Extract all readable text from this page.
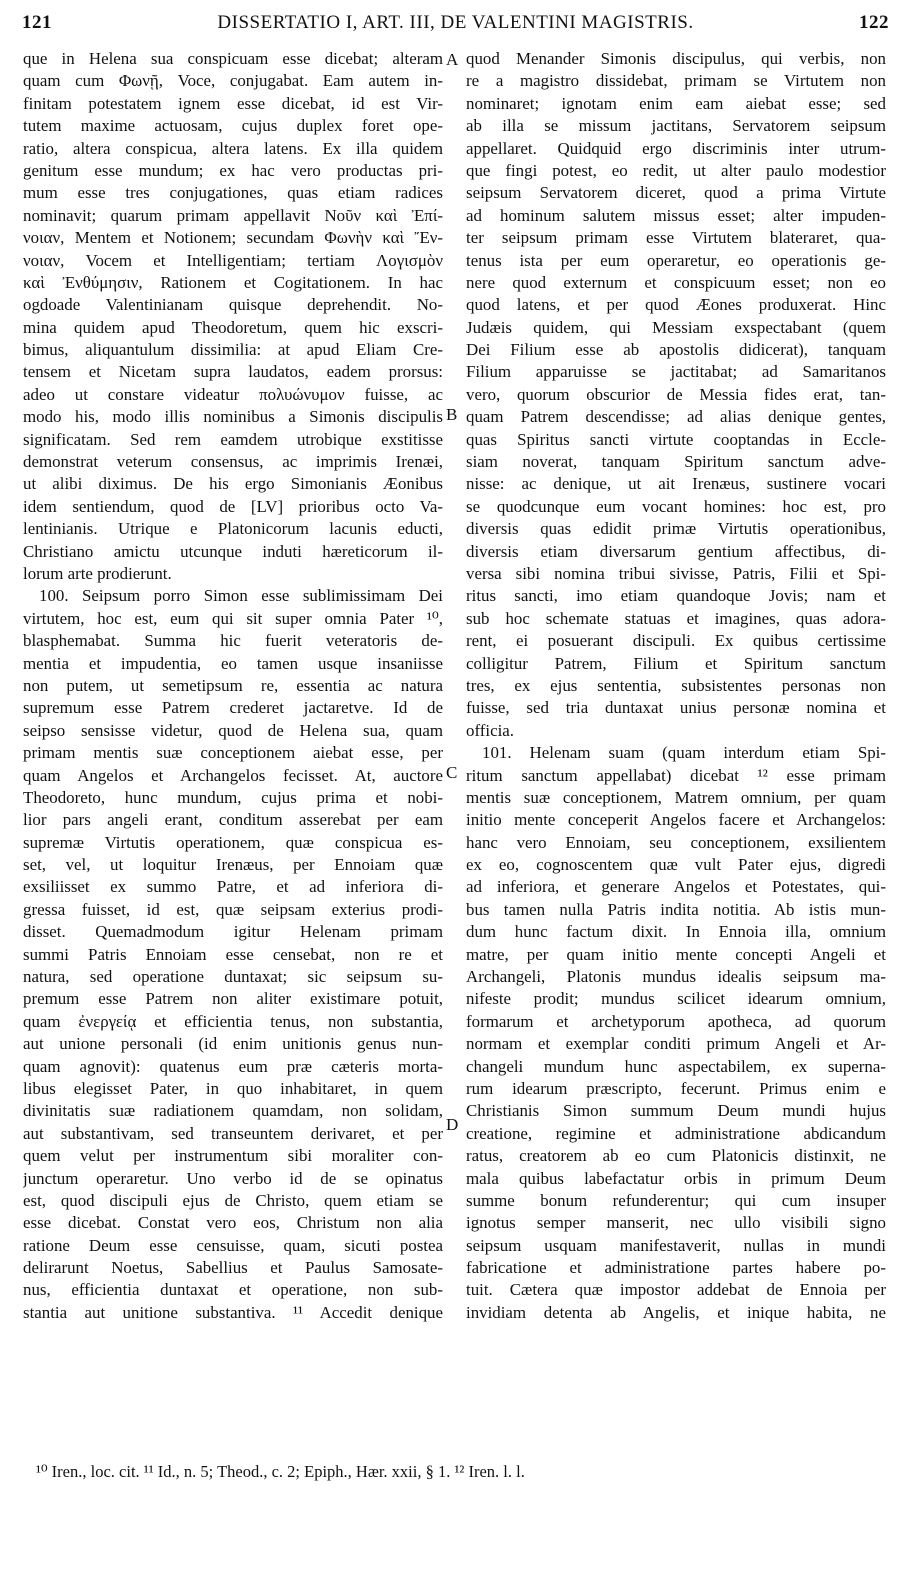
121	DISSERTATIO I, ART. III, DE VALENTINI MAGISTRIS.	122
que in Helena sua conspicuam esse dicebat; alteram
quam cum Φωνῇ, Voce, conjugabat. Eam autem in-
finitam potestatem ignem esse dicebat, id est Vir-
tutem maxime actuosam, cujus duplex foret ope-
ratio, altera conspicua, altera latens. Ex illa quidem
genitum esse mundum; ex hac vero productas pri-
mum esse tres conjugationes, quas etiam radices
nominavit; quarum primam appellavit Νοῦν καὶ Ἐπί-
νοιαν, Mentem et Notionem; secundam Φωνὴν καὶ Ἔν-
νοιαν, Vocem et Intelligentiam; tertiam Λογισμὸν
καὶ Ἐνθύμησιν, Rationem et Cogitationem. In hac
ogdoade Valentinianam quisque deprehendit. No-
mina quidem apud Theodoretum, quem hic exscri-
bimus, aliquantulum dissimilia: at apud Eliam Cre-
tensem et Nicetam supra laudatos, eadem prorsus:
adeo ut constare videatur πολυώνυμον fuisse, ac
modo his, modo illis nominibus a Simonis discipulis
significatam. Sed rem eamdem utrobique exstitisse
demonstrat veterum consensus, ac imprimis Irenæi,
ut alibi diximus. De his ergo Simonianis Æonibus
idem sentiendum, quod de [LV] prioribus octo Va-
lentinianis. Utrique e Platonicorum lacunis educti,
Christiano amictu utcunque induti hæreticorum il-
lorum arte prodierunt.
100. Seipsum porro Simon esse sublimissimam Dei
virtutem, hoc est, eum qui sit super omnia Pater ¹⁰,
blasphemabat. Summa hic fuerit veteratoris de-
mentia et impudentia, eo tamen usque insaniisse
non putem, ut semetipsum re, essentia ac natura
supremum esse Patrem crederet jactaretve. Id de
seipso sensisse videtur, quod de Helena sua, quam
primam mentis suæ conceptionem aiebat esse, per
quam Angelos et Archangelos fecisset. At, auctore
Theodoreto, hunc mundum, cujus prima et nobi-
lior pars angeli erant, conditum asserebat per eam
supremæ Virtutis operationem, quæ conspicua es-
set, vel, ut loquitur Irenæus, per Ennoiam quæ
exsiliisset ex summo Patre, et ad inferiora di-
gressa fuisset, id est, quæ seipsam exterius prodi-
disset. Quemadmodum igitur Helenam primam
summi Patris Ennoiam esse censebat, non re et
natura, sed operatione duntaxat; sic seipsum su-
premum esse Patrem non aliter existimare potuit,
quam ἐνεργείᾳ et efficientia tenus, non substantia,
aut unione personali (id enim unitionis genus nun-
quam agnovit): quatenus eum præ cæteris morta-
libus elegisset Pater, in quo inhabitaret, in quem
divinitatis suæ radiationem quamdam, non solidam,
aut substantivam, sed transeuntem derivaret, et per
quem velut per instrumentum sibi moraliter con-
junctum operaretur. Uno verbo id de se opinatus
est, quod discipuli ejus de Christo, quem etiam se
esse dicebat. Constat vero eos, Christum non alia
ratione Deum esse censuisse, quam, sicuti postea
delirarunt Noetus, Sabellius et Paulus Samosate-
nus, efficientia duntaxat et operatione, non sub-
stantia aut unitione substantiva. ¹¹ Accedit denique
quod Menander Simonis discipulus, qui verbis, non
re a magistro dissidebat, primam se Virtutem non
nominaret; ignotam enim eam aiebat esse; sed
ab illa se missum jactitans, Servatorem seipsum
appellaret. Quidquid ergo discriminis inter utrum-
que fingi potest, eo redit, ut alter paulo modestior
seipsum Servatorem diceret, quod a prima Virtute
ad hominum salutem missus esset; alter impuden-
ter seipsum primam esse Virtutem blateraret, qua-
tenus ista per eum operaretur, eo operationis ge-
nere quod externum et conspicuum esset; non eo
quod latens, et per quod Æones produxerat. Hinc
Judæis quidem, qui Messiam exspectabant (quem
Dei Filium esse ab apostolis didicerat), tanquam
Filium apparuisse se jactitabat; ad Samaritanos
vero, quorum obscurior de Messia fides erat, tan-
quam Patrem descendisse; ad alias denique gentes,
quas Spiritus sancti virtute cooptandas in Eccle-
siam noverat, tanquam Spiritum sanctum adve-
nisse: ac denique, ut ait Irenæus, sustinere vocari
se quodcunque eum vocant homines: hoc est, pro
diversis quas edidit primæ Virtutis operationibus,
diversis etiam diversarum gentium affectibus, di-
versa sibi nomina tribui sivisse, Patris, Filii et Spi-
ritus sancti, imo etiam quandoque Jovis; nam et
sub hoc schemate statuas et imagines, quas adora-
rent, ei posuerant discipuli. Ex quibus certissime
colligitur Patrem, Filium et Spiritum sanctum
tres, ex ejus sententia, subsistentes personas non
fuisse, sed tria duntaxat unius personæ nomina et
officia.
101. Helenam suam (quam interdum etiam Spi-
ritum sanctum appellabat) dicebat ¹² esse primam
mentis suæ conceptionem, Matrem omnium, per quam
initio mente conceperit Angelos facere et Archangelos:
hanc vero Ennoiam, seu conceptionem, exsilientem
ex eo, cognoscentem quæ vult Pater ejus, digredi
ad inferiora, et generare Angelos et Potestates, qui-
bus tamen nulla Patris indita notitia. Ab istis mun-
dum hunc factum dixit. In Ennoia illa, omnium
matre, per quam initio mente concepti Angeli et
Archangeli, Platonis mundus idealis seipsum ma-
nifeste prodit; mundus scilicet idearum omnium,
formarum et archetyporum apotheca, ad quorum
normam et exemplar conditi primum Angeli et Ar-
changeli mundum hunc aspectabilem, ex superna-
rum idearum præscripto, fecerunt. Primus enim e
Christianis Simon summum Deum mundi hujus
creatione, regimine et administratione abdicandum
ratus, creatorem ab eo cum Platonicis distinxit, ne
mala quibus labefactatur orbis in primum Deum
summe bonum refunderentur; qui cum insuper
ignotus semper manserit, nec ullo visibili signo
seipsum usquam manifestaverit, nullas in mundi
fabricatione et administratione partes habere po-
tuit. Cætera quæ impostor addebat de Ennoia per
invidiam detenta ab Angelis, et inique habita, ne
A
B
C
D
¹⁰ Iren., loc. cit. ¹¹ Id., n. 5; Theod., c. 2; Epiph., Hær. xxii, § 1. ¹² Iren. l. l.
